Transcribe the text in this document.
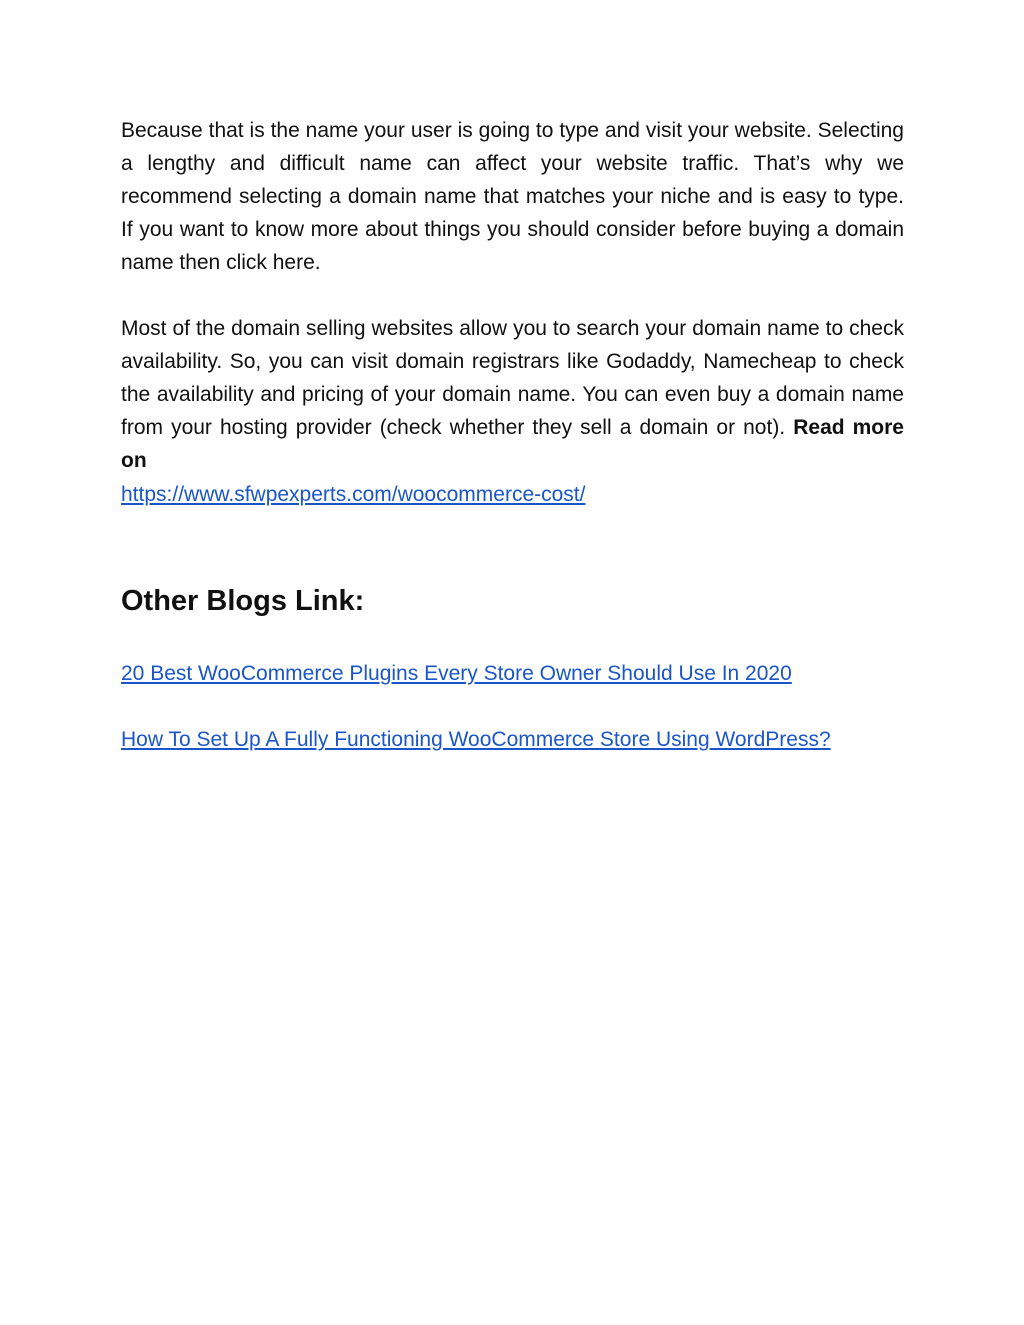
Because that is the name your user is going to type and visit your website. Selecting a lengthy and difficult name can affect your website traffic. That’s why we recommend selecting a domain name that matches your niche and is easy to type. If you want to know more about things you should consider before buying a domain name then click here.

Most of the domain selling websites allow you to search your domain name to check availability. So, you can visit domain registrars like Godaddy, Namecheap to check the availability and pricing of your domain name. You can even buy a domain name from your hosting provider (check whether they sell a domain or not). Read more on

https://www.sfwpexperts.com/woocommerce-cost/
Other Blogs Link:

20 Best WooCommerce Plugins Every Store Owner Should Use In 2020

How To Set Up A Fully Functioning WooCommerce Store Using WordPress?
